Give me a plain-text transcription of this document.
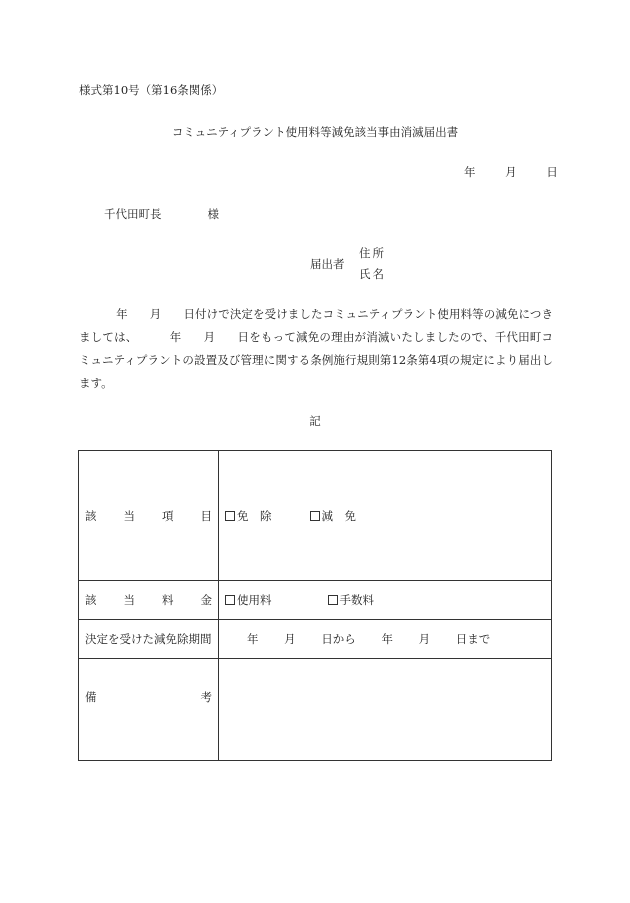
様式第10号（第16条関係）
コミュニティプラント使用料等減免該当事由消滅届出書
年	月	日
千代田町長	様
届出者
住所
氏名
年 月 日付けで決定を受けましたコミュニティプラント使用料等の減免につきましては、	年 月 日をもって減免の理由が消滅いたしましたので、千代田町コミュニティプラントの設置及び管理に関する条例施行規則第12条第4項の規定により届出します。
記
該 当 項 目	免　除 減　免

該 当 料 金	使用料 手数料
決定を受けた減免除期間	年 月 日から 年 月 日まで

備 考	
